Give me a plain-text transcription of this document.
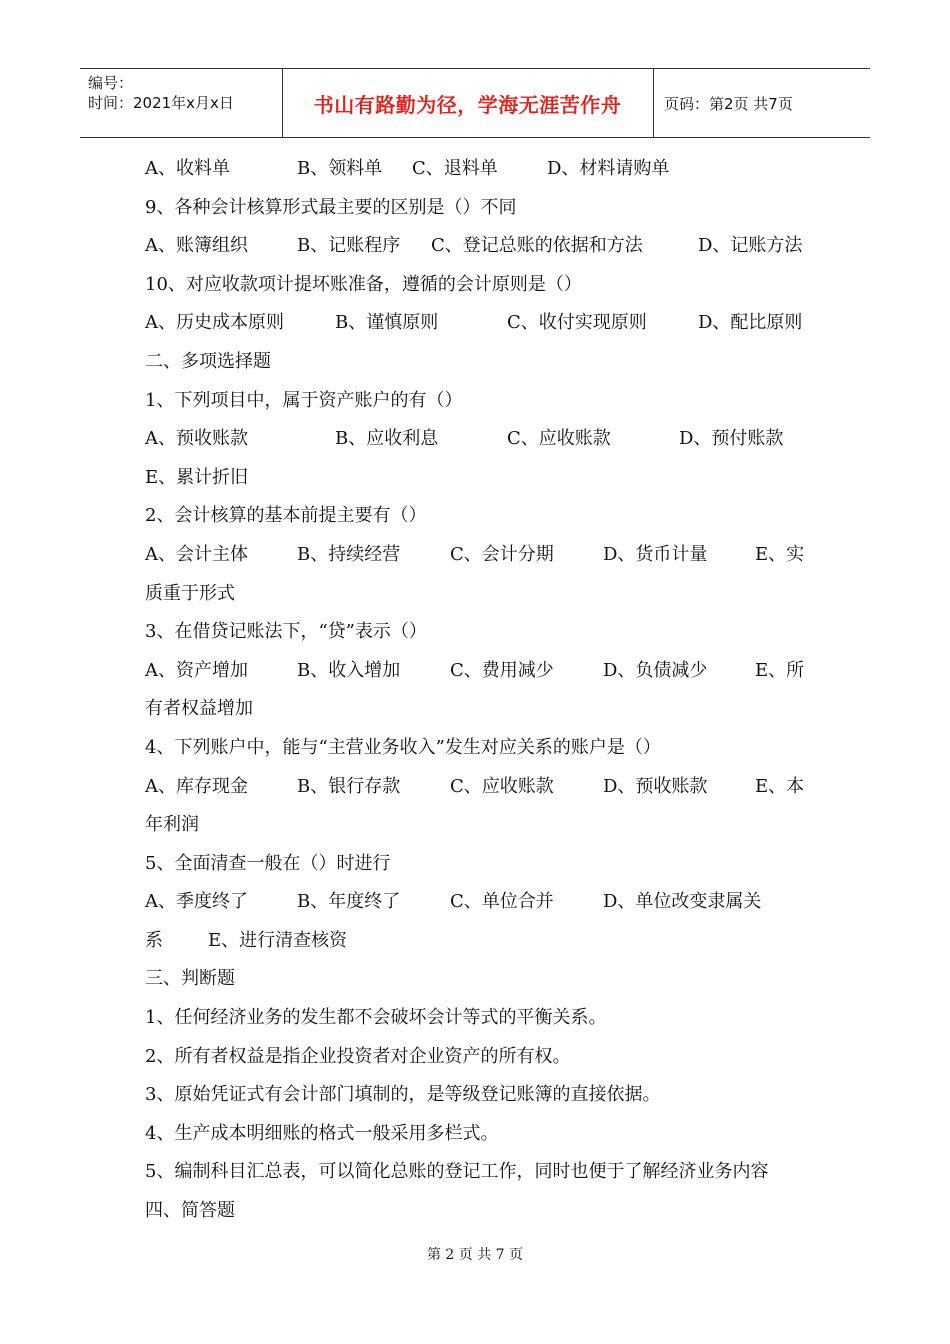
编号：
时间：2021年x月x日	书山有路勤为径，学海无涯苦作舟	页码：第2页 共7页
A、收料单	B、领料单 C、退料单	D、材料请购单
9、各种会计核算形式最主要的区别是（）不同
A、账簿组织	B、记账程序 C、登记总账的依据和方法	D、记账方法
10、对应收款项计提坏账准备，遵循的会计原则是（）
A、历史成本原则	B、谨慎原则	C、收付实现原则	D、配比原则
二、多项选择题
1、下列项目中，属于资产账户的有（）
A、预收账款	B、应收利息	C、应收账款	D、预付账款
E、累计折旧
2、会计核算的基本前提主要有（）
A、会计主体	B、持续经营	C、会计分期	D、货币计量	E、实
质重于形式
3、在借贷记账法下，“贷”表示（）
A、资产增加	B、收入增加	C、费用减少	D、负债减少	E、所
有者权益增加
4、下列账户中，能与“主营业务收入”发生对应关系的账户是（）
A、库存现金	B、银行存款	C、应收账款	D、预收账款	E、本
年利润
5、全面清查一般在（）时进行
A、季度终了	B、年度终了	C、单位合并	D、单位改变隶属关
系	E、进行清查核资
三、判断题
1、任何经济业务的发生都不会破坏会计等式的平衡关系。
2、所有者权益是指企业投资者对企业资产的所有权。
3、原始凭证式有会计部门填制的，是等级登记账簿的直接依据。
4、生产成本明细账的格式一般采用多栏式。
5、编制科目汇总表，可以简化总账的登记工作，同时也便于了解经济业务内容
四、简答题
第 2 页 共 7 页
